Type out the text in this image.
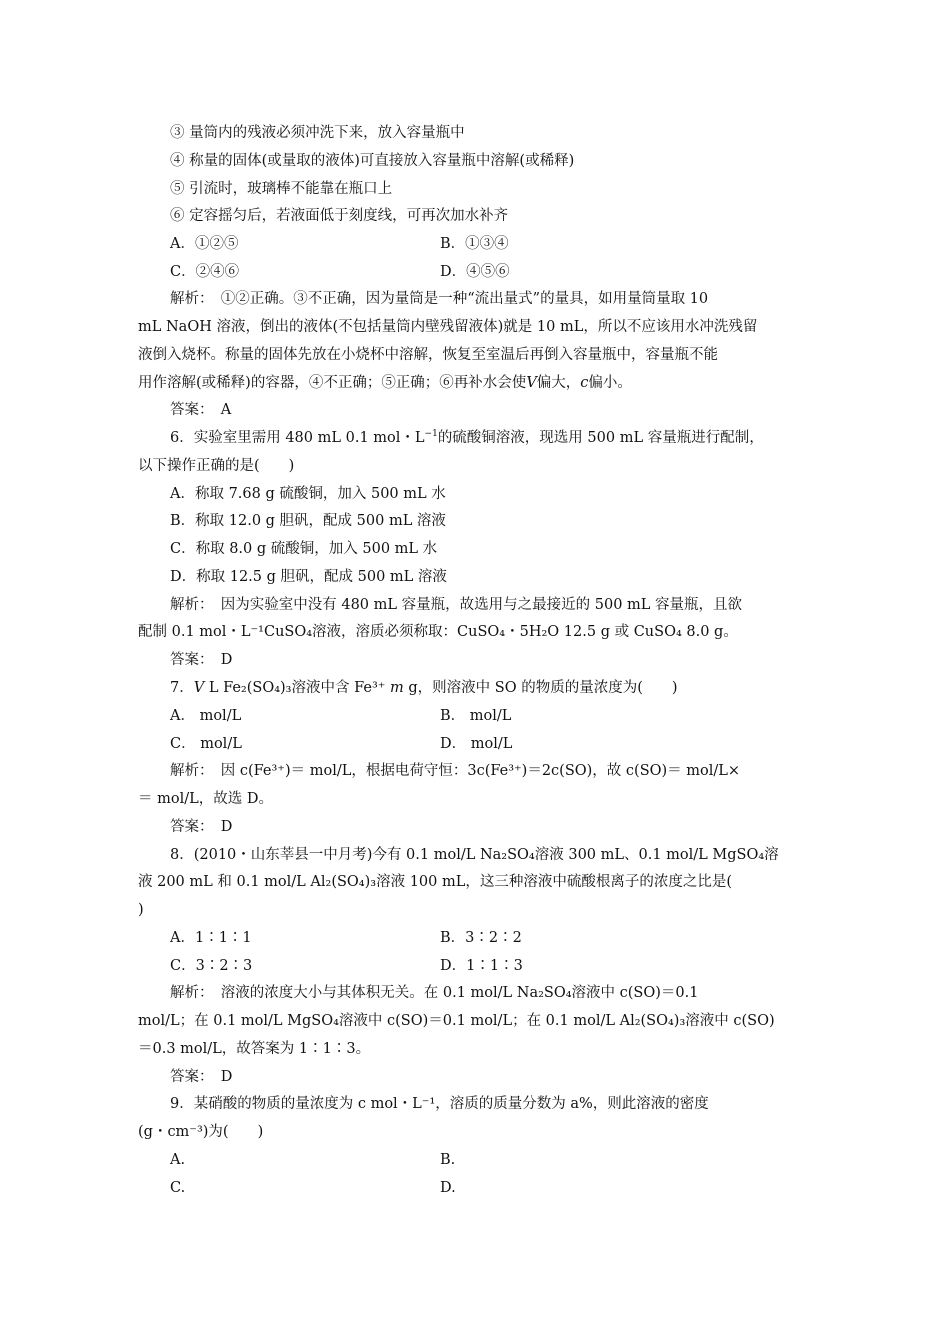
③ 量筒内的残液必须冲洗下来，放入容量瓶中
④ 称量的固体(或量取的液体)可直接放入容量瓶中溶解(或稀释)
⑤ 引流时，玻璃棒不能靠在瓶口上
⑥ 定容摇匀后，若液面低于刻度线，可再次加水补齐
A．①②⑤	B．①③④
C．②④⑥	D．④⑤⑥
解析：　①②正确。③不正确，因为量筒是一种“流出量式”的量具，如用量筒量取 10
mL NaOH 溶液，倒出的液体(不包括量筒内壁残留液体)就是 10 mL，所以不应该用水冲洗残留
液倒入烧杯。称量的固体先放在小烧杯中溶解，恢复至室温后再倒入容量瓶中，容量瓶不能
用作溶解(或稀释)的容器，④不正确；⑤正确；⑥再补水会使V偏大，c偏小。
答案：　A
6．实验室里需用 480 mL 0.1 mol・$L^{-1}$的硫酸铜溶液，现选用 500 mL 容量瓶进行配制，
以下操作正确的是(　　)
A．称取 7.68 g 硫酸铜，加入 500 mL 水
B．称取 12.0 g 胆矾，配成 500 mL 溶液
C．称取 8.0 g 硫酸铜，加入 500 mL 水
D．称取 12.5 g 胆矾，配成 500 mL 溶液
解析：　因为实验室中没有 480 mL 容量瓶，故选用与之最接近的 500 mL 容量瓶，且欲
配制 0.1 mol・L⁻¹CuSO₄溶液，溶质必须称取：CuSO₄・5H₂O 12.5 g 或 CuSO₄ 8.0 g。
答案：　D
7．V L Fe₂(SO₄)₃溶液中含 Fe³⁺ m g，则溶液中 SO 的物质的量浓度为(　　)
A． mol/L	B． mol/L
C． mol/L	D． mol/L
解析：　因 c(Fe³⁺)＝ mol/L，根据电荷守恒：3c(Fe³⁺)＝2c(SO)，故 c(SO)＝ mol/L×
＝ mol/L，故选 D。
答案：　D
8．(2010・山东莘县一中月考)今有 0.1 mol/L Na₂SO₄溶液 300 mL、0.1 mol/L MgSO₄溶
液 200 mL 和 0.1 mol/L Al₂(SO₄)₃溶液 100 mL，这三种溶液中硫酸根离子的浓度之比是(
)
A．1∶1∶1	B．3∶2∶2
C．3∶2∶3	D．1∶1∶3
解析：　溶液的浓度大小与其体积无关。在 0.1 mol/L Na₂SO₄溶液中 c(SO)＝0.1
mol/L；在 0.1 mol/L MgSO₄溶液中 c(SO)＝0.1 mol/L；在 0.1 mol/L Al₂(SO₄)₃溶液中 c(SO)
＝0.3 mol/L，故答案为 1∶1∶3。
答案：　D
9．某硝酸的物质的量浓度为 c mol・L⁻¹，溶质的质量分数为 a%，则此溶液的密度
(g・cm⁻³)为(　　)
A.	B.
C.	D.
